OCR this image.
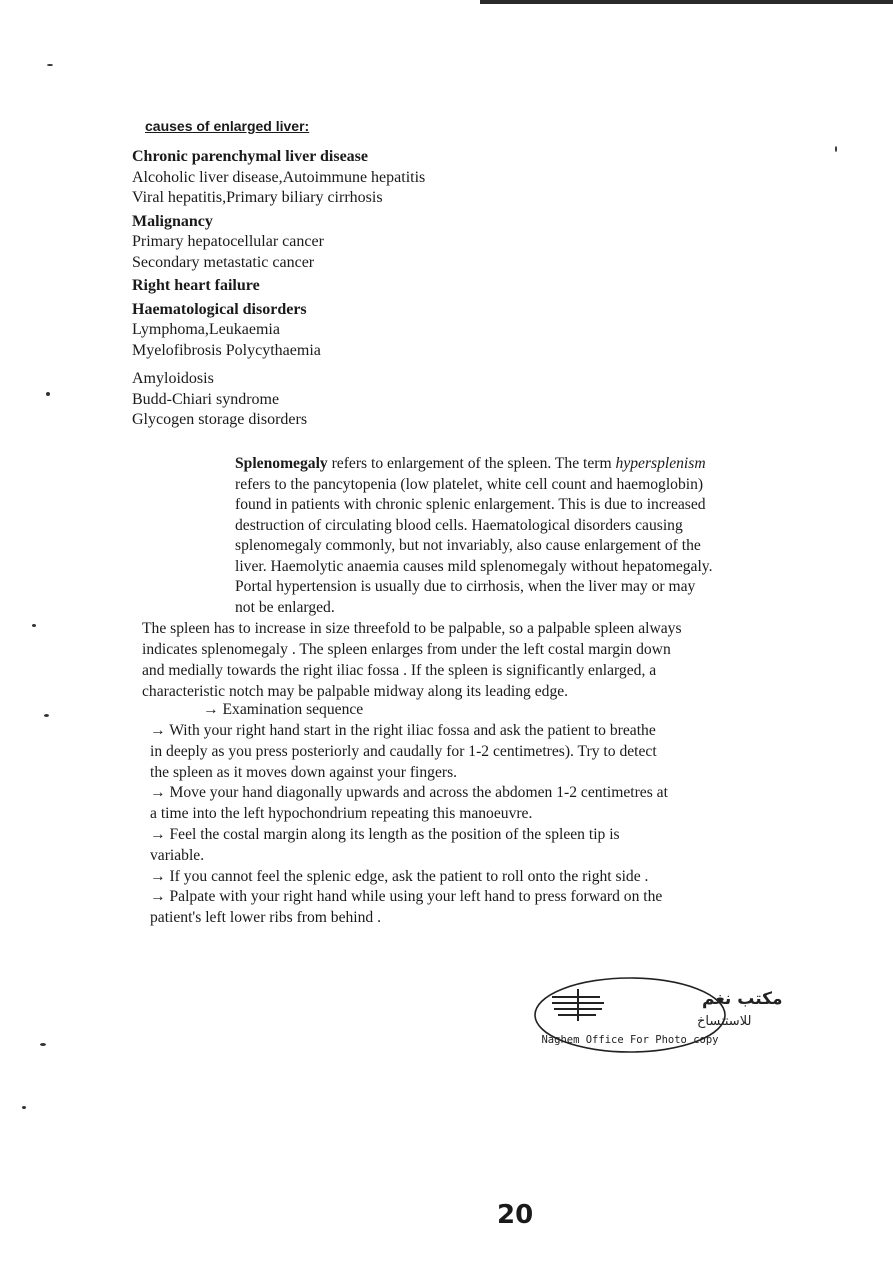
causes of enlarged liver:
Chronic parenchymal liver disease
Alcoholic liver disease,Autoimmune hepatitis
Viral hepatitis,Primary biliary cirrhosis
Malignancy
Primary hepatocellular cancer
Secondary metastatic cancer
Right heart failure
Haematological disorders
Lymphoma,Leukaemia
Myelofibrosis Polycythaemia
Amyloidosis
Budd-Chiari syndrome
Glycogen storage disorders
Splenomegaly refers to enlargement of the spleen. The term hypersplenism
refers to the pancytopenia (low platelet, white cell count and haemoglobin)
found in patients with chronic splenic enlargement. This is due to increased
destruction of circulating blood cells. Haematological disorders causing
splenomegaly commonly, but not invariably, also cause enlargement of the
liver. Haemolytic anaemia causes mild splenomegaly without hepatomegaly.
Portal hypertension is usually due to cirrhosis, when the liver may or may
not be enlarged.
The spleen has to increase in size threefold to be palpable, so a palpable spleen always
indicates splenomegaly . The spleen enlarges from under the left costal margin down
and medially towards the right iliac fossa . If the spleen is significantly enlarged, a
characteristic notch may be palpable midway along its leading edge.
→ Examination sequence
→ With your right hand start in the right iliac fossa and ask the patient to breathe
in deeply as you press posteriorly and caudally for 1-2 centimetres). Try to detect
the spleen as it moves down against your fingers.
→ Move your hand diagonally upwards and across the abdomen 1-2 centimetres at
a time into the left hypochondrium repeating this manoeuvre.
→ Feel the costal margin along its length as the position of the spleen tip is
variable.
→ If you cannot feel the splenic edge, ask the patient to roll onto the right side .
→ Palpate with your right hand while using your left hand to press forward on the
patient's left lower ribs from behind .
مكتب نغم
للاستنساخ
Naghem Office For Photo copy
20
